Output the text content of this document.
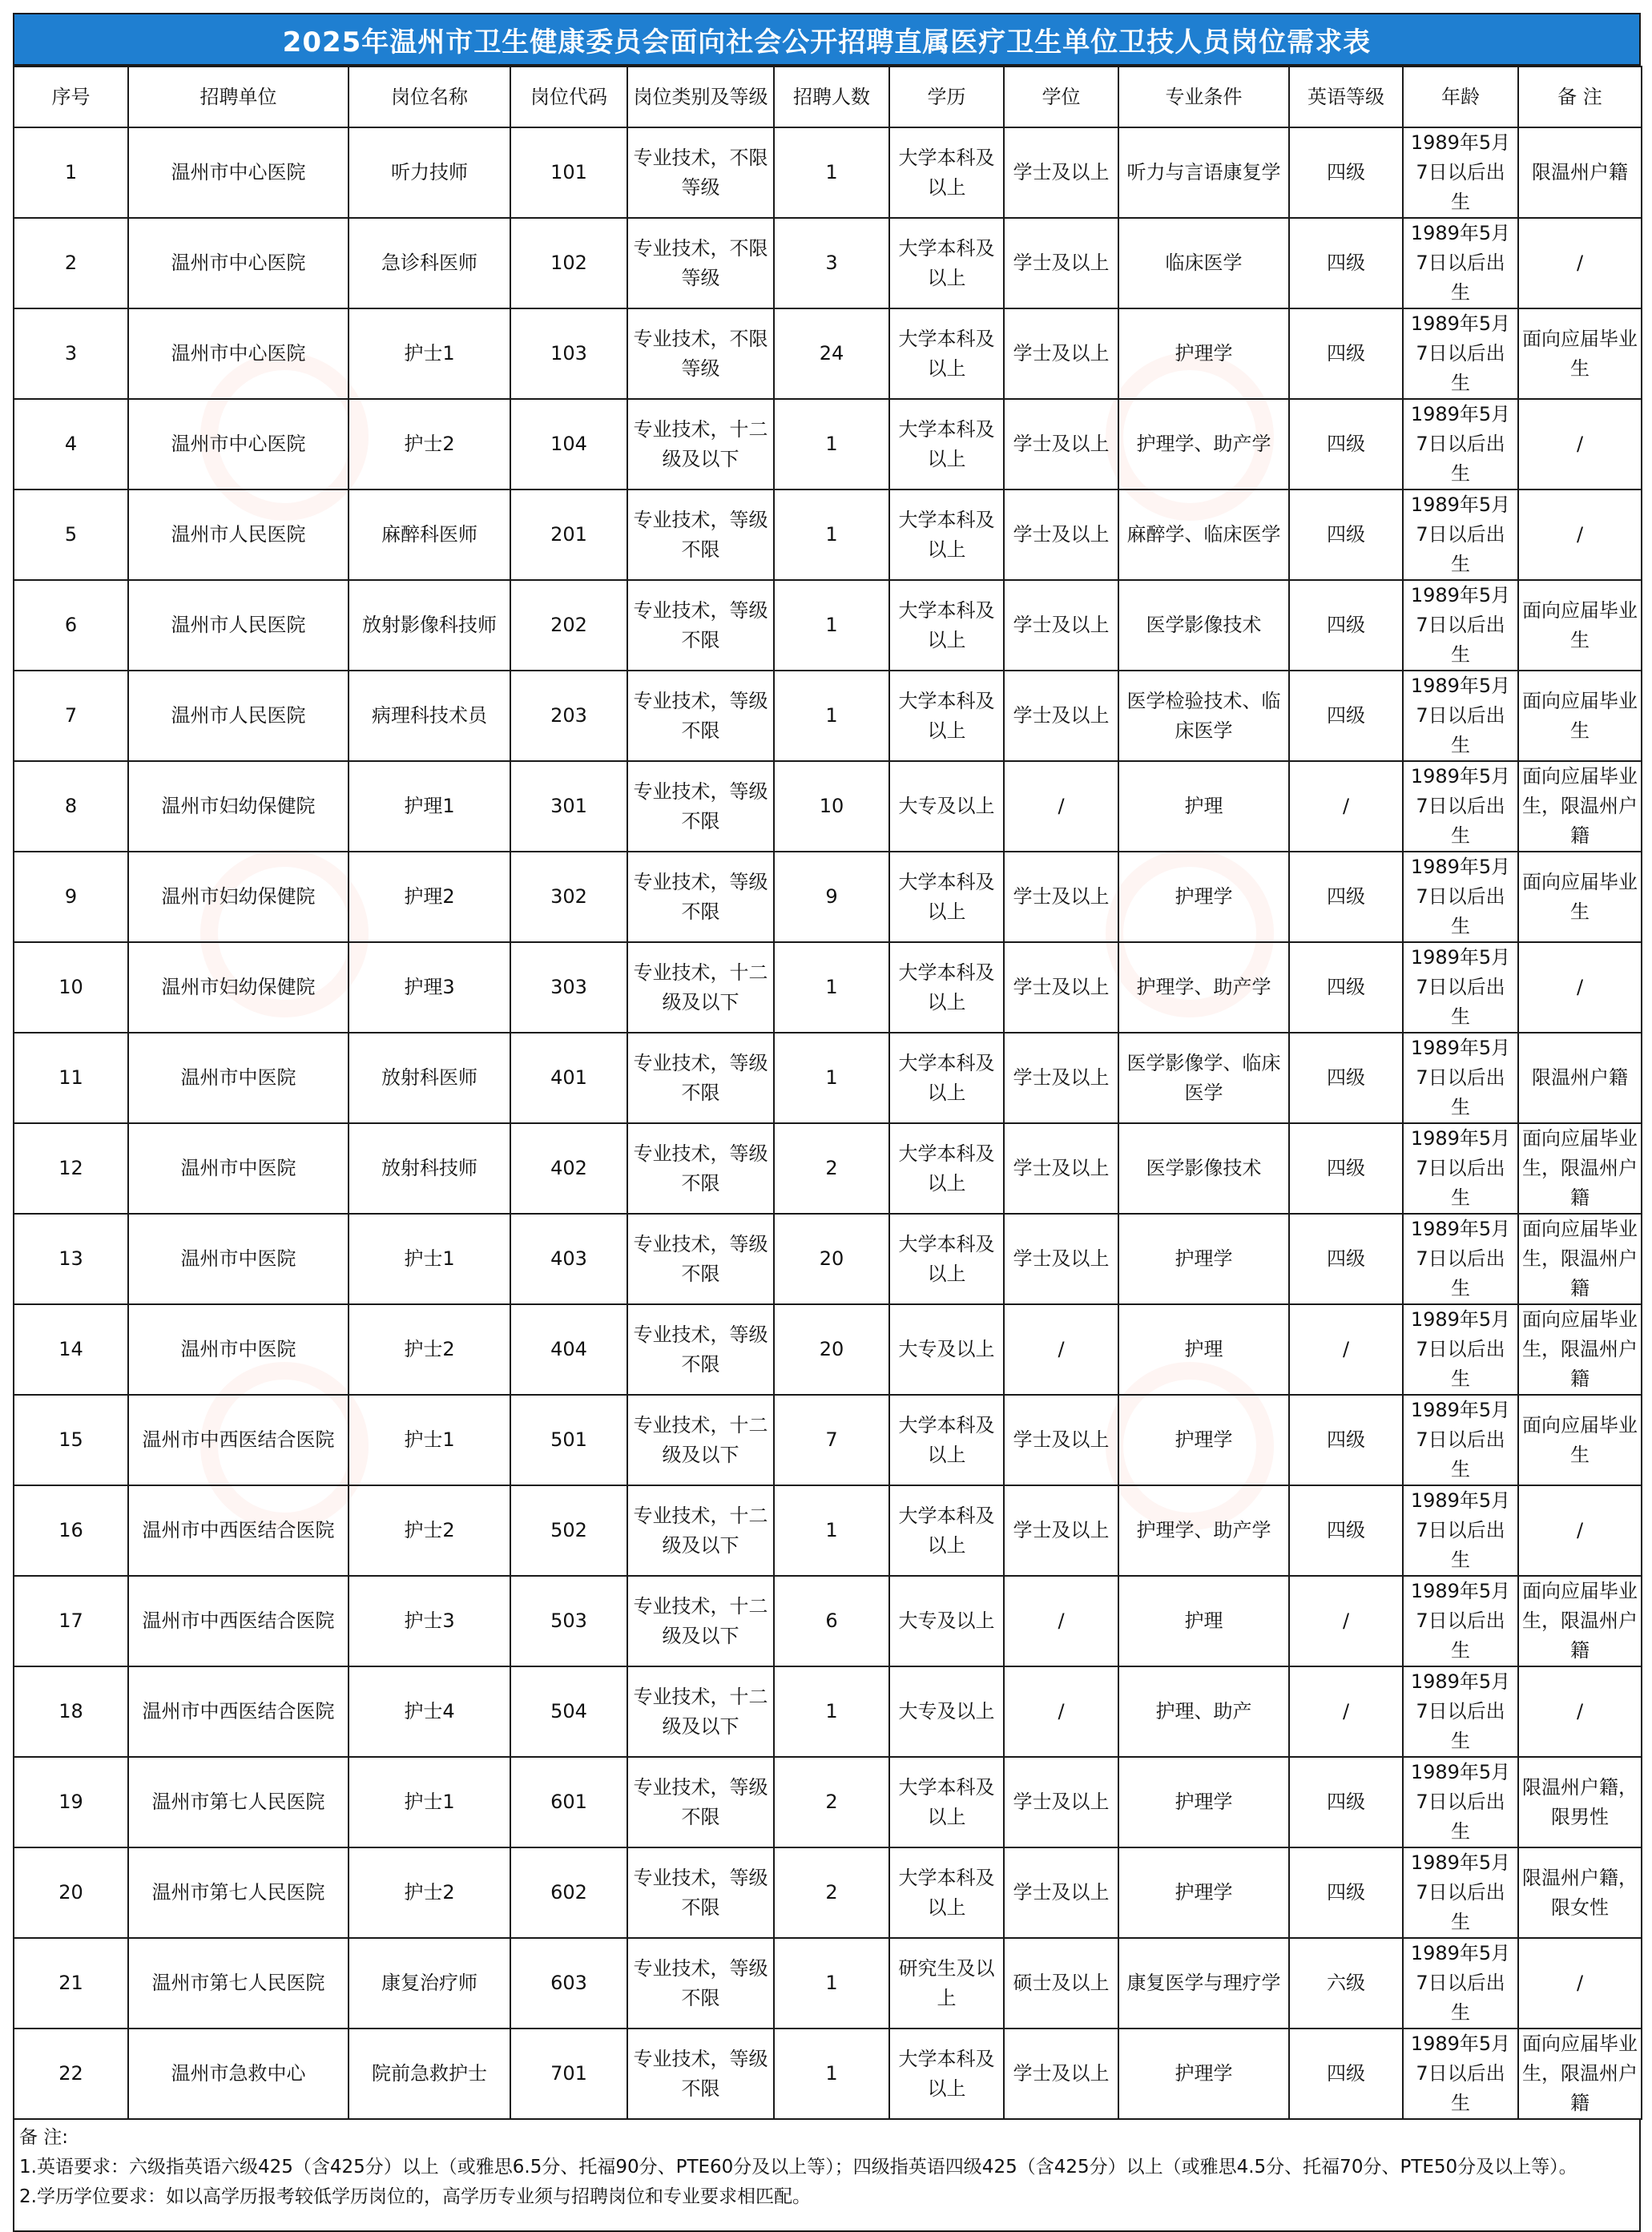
2025年温州市卫生健康委员会面向社会公开招聘直属医疗卫生单位卫技人员岗位需求表
序号	招聘单位	岗位名称	岗位代码	岗位类别及等级	招聘人数	学历	学位	专业条件	英语等级	年龄	备 注
1	温州市中心医院	听力技师	101	专业技术，不限等级	1	大学本科及以上	学士及以上	听力与言语康复学	四级	1989年5月7日以后出生	限温州户籍
2	温州市中心医院	急诊科医师	102	专业技术，不限等级	3	大学本科及以上	学士及以上	临床医学	四级	1989年5月7日以后出生	/
3	温州市中心医院	护士1	103	专业技术，不限等级	24	大学本科及以上	学士及以上	护理学	四级	1989年5月7日以后出生	面向应届毕业生
4	温州市中心医院	护士2	104	专业技术，十二级及以下	1	大学本科及以上	学士及以上	护理学、助产学	四级	1989年5月7日以后出生	/
5	温州市人民医院	麻醉科医师	201	专业技术，等级不限	1	大学本科及以上	学士及以上	麻醉学、临床医学	四级	1989年5月7日以后出生	/
6	温州市人民医院	放射影像科技师	202	专业技术，等级不限	1	大学本科及以上	学士及以上	医学影像技术	四级	1989年5月7日以后出生	面向应届毕业生
7	温州市人民医院	病理科技术员	203	专业技术，等级不限	1	大学本科及以上	学士及以上	医学检验技术、临床医学	四级	1989年5月7日以后出生	面向应届毕业生
8	温州市妇幼保健院	护理1	301	专业技术，等级不限	10	大专及以上	/	护理	/	1989年5月7日以后出生	面向应届毕业生，限温州户籍
9	温州市妇幼保健院	护理2	302	专业技术，等级不限	9	大学本科及以上	学士及以上	护理学	四级	1989年5月7日以后出生	面向应届毕业生
10	温州市妇幼保健院	护理3	303	专业技术，十二级及以下	1	大学本科及以上	学士及以上	护理学、助产学	四级	1989年5月7日以后出生	/
11	温州市中医院	放射科医师	401	专业技术，等级不限	1	大学本科及以上	学士及以上	医学影像学、临床医学	四级	1989年5月7日以后出生	限温州户籍
12	温州市中医院	放射科技师	402	专业技术，等级不限	2	大学本科及以上	学士及以上	医学影像技术	四级	1989年5月7日以后出生	面向应届毕业生，限温州户籍
13	温州市中医院	护士1	403	专业技术，等级不限	20	大学本科及以上	学士及以上	护理学	四级	1989年5月7日以后出生	面向应届毕业生，限温州户籍
14	温州市中医院	护士2	404	专业技术，等级不限	20	大专及以上	/	护理	/	1989年5月7日以后出生	面向应届毕业生，限温州户籍
15	温州市中西医结合医院	护士1	501	专业技术，十二级及以下	7	大学本科及以上	学士及以上	护理学	四级	1989年5月7日以后出生	面向应届毕业生
16	温州市中西医结合医院	护士2	502	专业技术，十二级及以下	1	大学本科及以上	学士及以上	护理学、助产学	四级	1989年5月7日以后出生	/
17	温州市中西医结合医院	护士3	503	专业技术，十二级及以下	6	大专及以上	/	护理	/	1989年5月7日以后出生	面向应届毕业生，限温州户籍
18	温州市中西医结合医院	护士4	504	专业技术，十二级及以下	1	大专及以上	/	护理、助产	/	1989年5月7日以后出生	/
19	温州市第七人民医院	护士1	601	专业技术，等级不限	2	大学本科及以上	学士及以上	护理学	四级	1989年5月7日以后出生	限温州户籍，限男性
20	温州市第七人民医院	护士2	602	专业技术，等级不限	2	大学本科及以上	学士及以上	护理学	四级	1989年5月7日以后出生	限温州户籍，限女性
21	温州市第七人民医院	康复治疗师	603	专业技术，等级不限	1	研究生及以上	硕士及以上	康复医学与理疗学	六级	1989年5月7日以后出生	/
22	温州市急救中心	院前急救护士	701	专业技术，等级不限	1	大学本科及以上	学士及以上	护理学	四级	1989年5月7日以后出生	面向应届毕业生，限温州户籍
备 注:
1.英语要求：六级指英语六级425（含425分）以上（或雅思6.5分、托福90分、PTE60分及以上等）；四级指英语四级425（含425分）以上（或雅思4.5分、托福70分、PTE50分及以上等）。
2.学历学位要求：如以高学历报考较低学历岗位的，高学历专业须与招聘岗位和专业要求相匹配。
